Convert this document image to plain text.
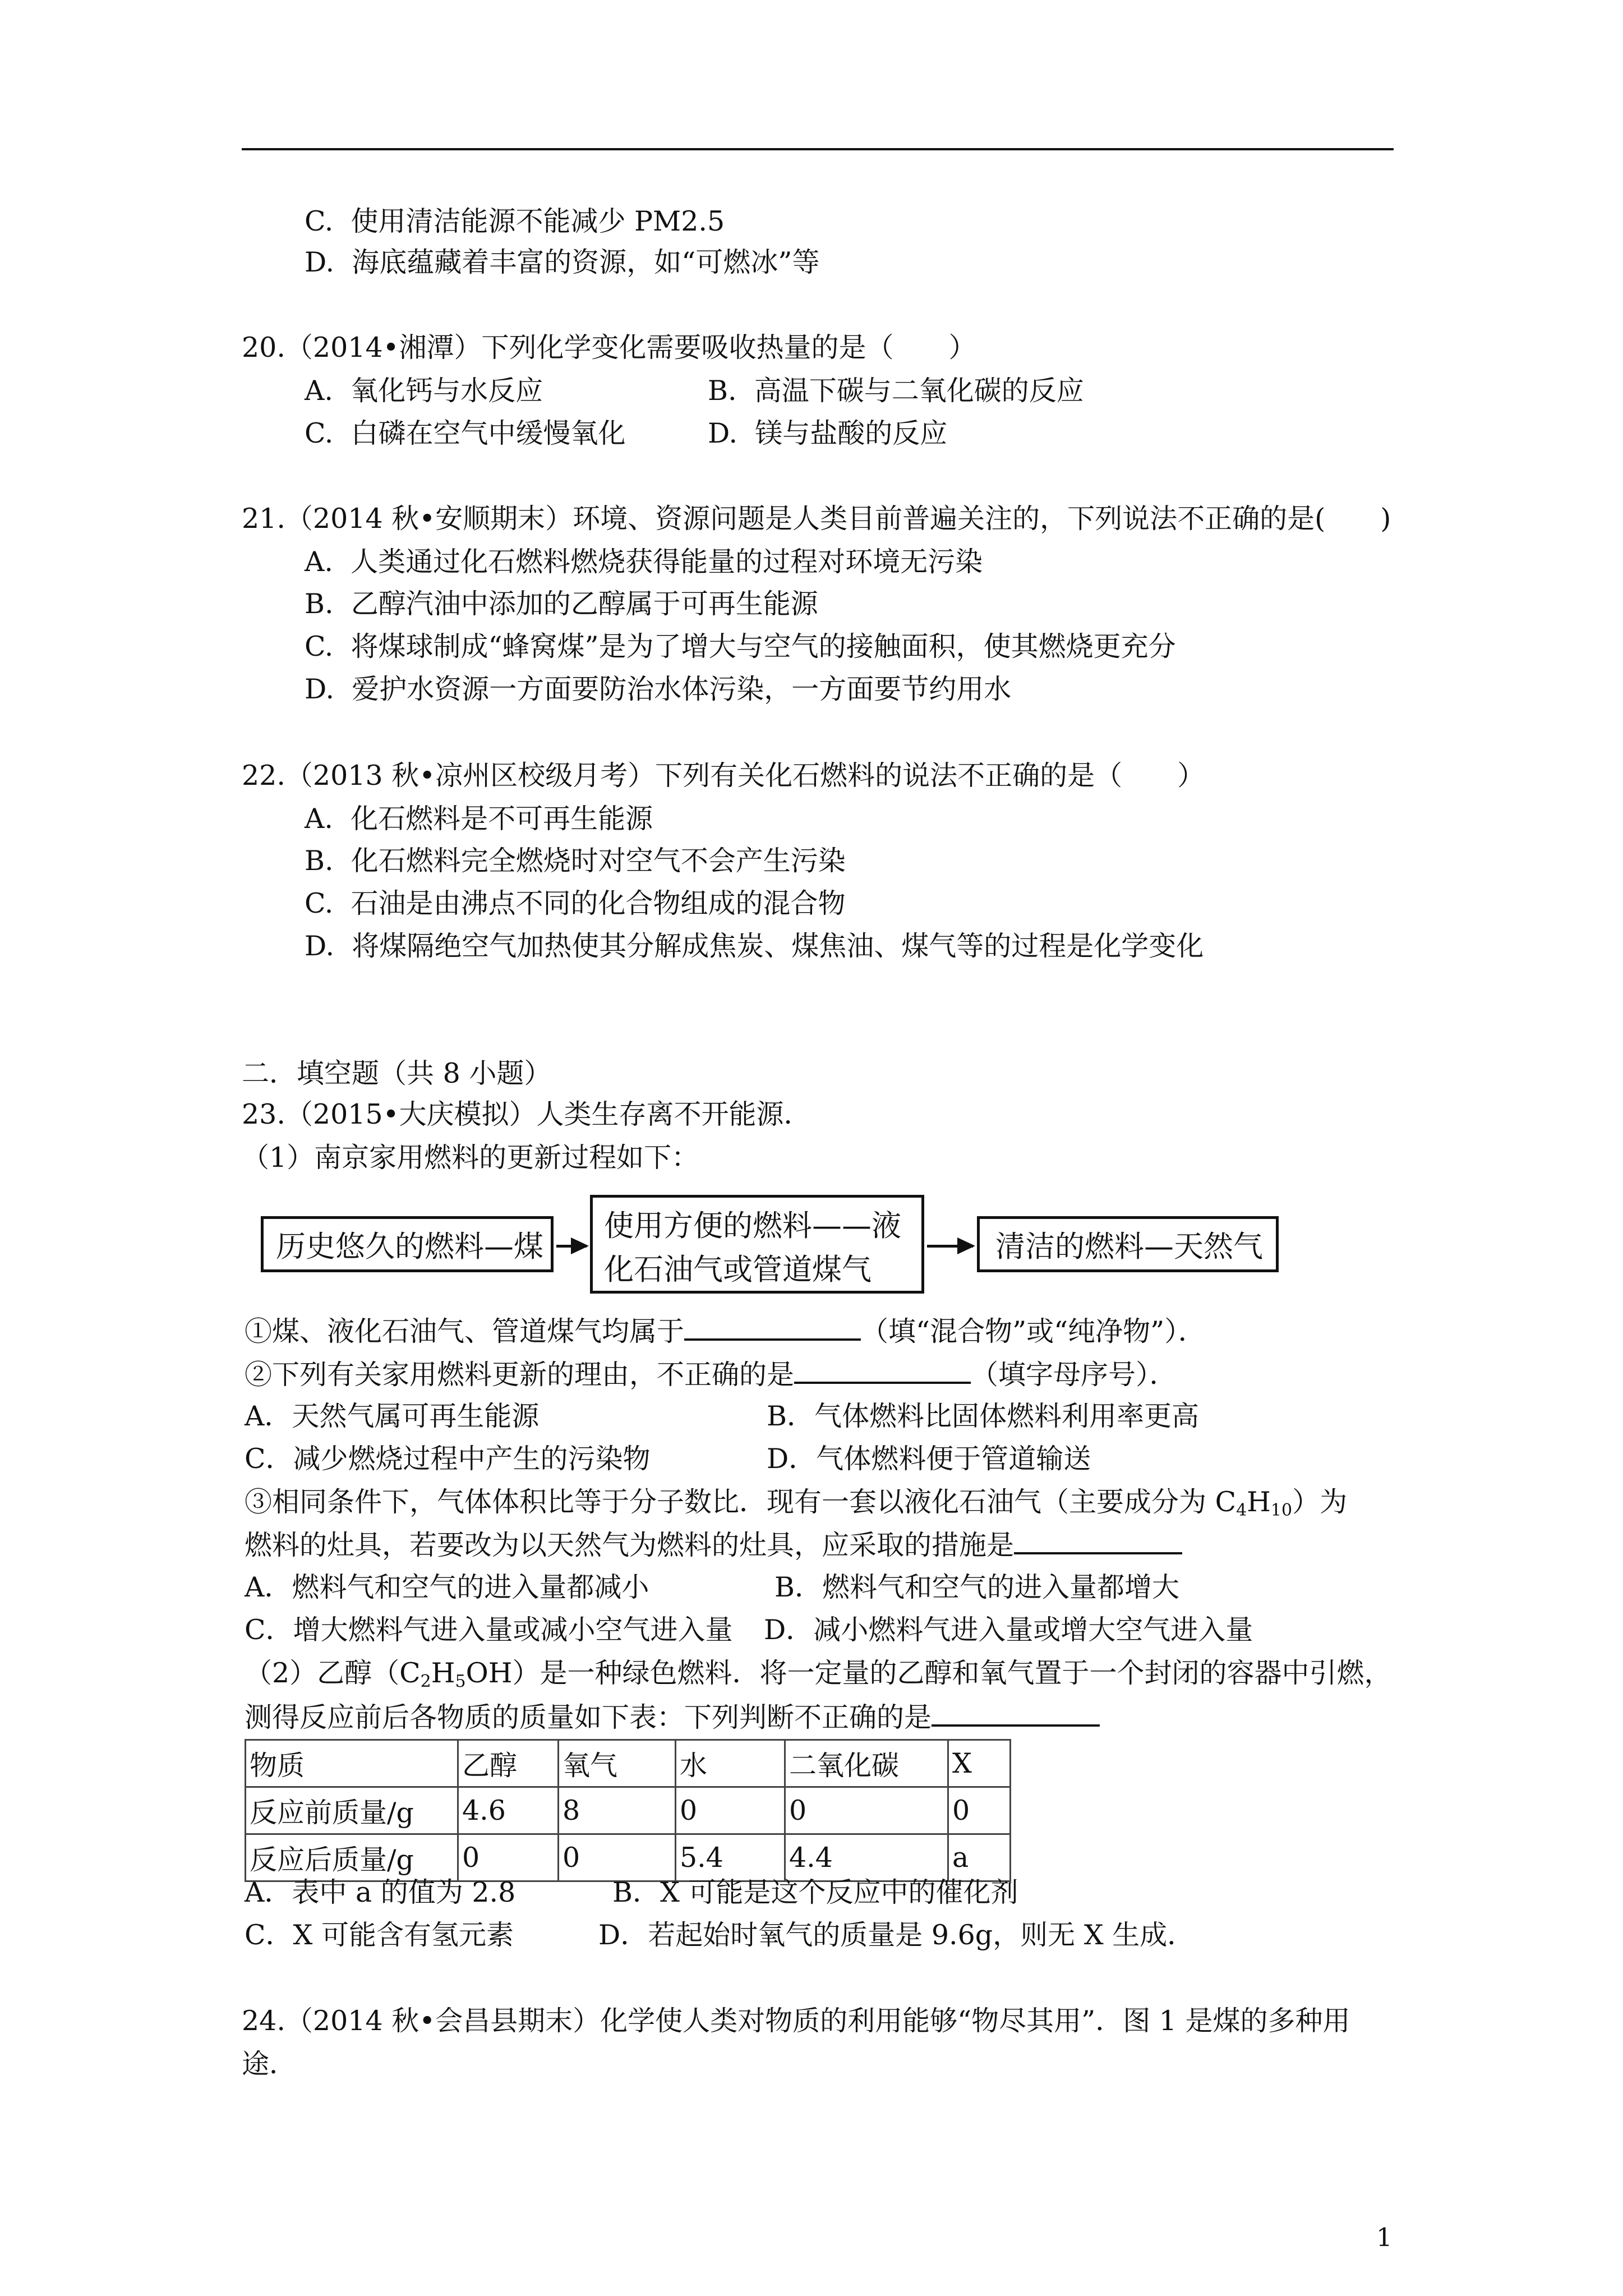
C.  使用清洁能源不能减少 PM2.5
D.  海底蕴藏着丰富的资源，如“可燃冰”等
20.（2014•湘潭）下列化学变化需要吸收热量的是（　　）
A.  氧化钙与水反应	B.  高温下碳与二氧化碳的反应
C.  白磷在空气中缓慢氧化	D.  镁与盐酸的反应
21.（2014 秋•安顺期末）环境、资源问题是人类目前普遍关注的，下列说法不正确的是(　　)
A.  人类通过化石燃料燃烧获得能量的过程对环境无污染
B.  乙醇汽油中添加的乙醇属于可再生能源
C.  将煤球制成“蜂窝煤”是为了增大与空气的接触面积，使其燃烧更充分
D.  爱护水资源一方面要防治水体污染，一方面要节约用水
22.（2013 秋•凉州区校级月考）下列有关化石燃料的说法不正确的是（　　）
A.  化石燃料是不可再生能源
B.  化石燃料完全燃烧时对空气不会产生污染
C.  石油是由沸点不同的化合物组成的混合物
D.  将煤隔绝空气加热使其分解成焦炭、煤焦油、煤气等的过程是化学变化
二．填空题（共 8 小题）
23.（2015•大庆模拟）人类生存离不开能源．
（1）南京家用燃料的更新过程如下：
历史悠久的燃料—煤
使用方便的燃料——液
化石油气或管道煤气
清洁的燃料—天然气
①煤、液化石油气、管道煤气均属于	（填“混合物”或“纯净物”）．
②下列有关家用燃料更新的理由，不正确的是	（填字母序号）．
A．天然气属可再生能源	B．气体燃料比固体燃料利用率更高
C．减少燃烧过程中产生的污染物	D．气体燃料便于管道输送
③相同条件下，气体体积比等于分子数比．现有一套以液化石油气（主要成分为 $C_4H_{10}$）为
燃料的灶具，若要改为以天然气为燃料的灶具，应采取的措施是
A．燃料气和空气的进入量都减小	B．燃料气和空气的进入量都增大
C．增大燃料气进入量或减小空气进入量 D．减小燃料气进入量或增大空气进入量
（2）乙醇$(C_2H_5OH)$是一种绿色燃料．将一定量的乙醇和氧气置于一个封闭的容器中引燃，
测得反应前后各物质的质量如下表：下列判断不正确的是
物质	乙醇	氧气	水	二氧化碳	X
反应前质量/g	4.6	8	0	0	0
反应后质量/g	0	0	5.4	4.4	a
A．表中 a 的值为 2.8	B．X 可能是这个反应中的催化剂
C．X 可能含有氢元素	D．若起始时氧气的质量是 9.6g，则无 X 生成．
24.（2014 秋•会昌县期末）化学使人类对物质的利用能够“物尽其用”．图 1 是煤的多种用
途．
1
